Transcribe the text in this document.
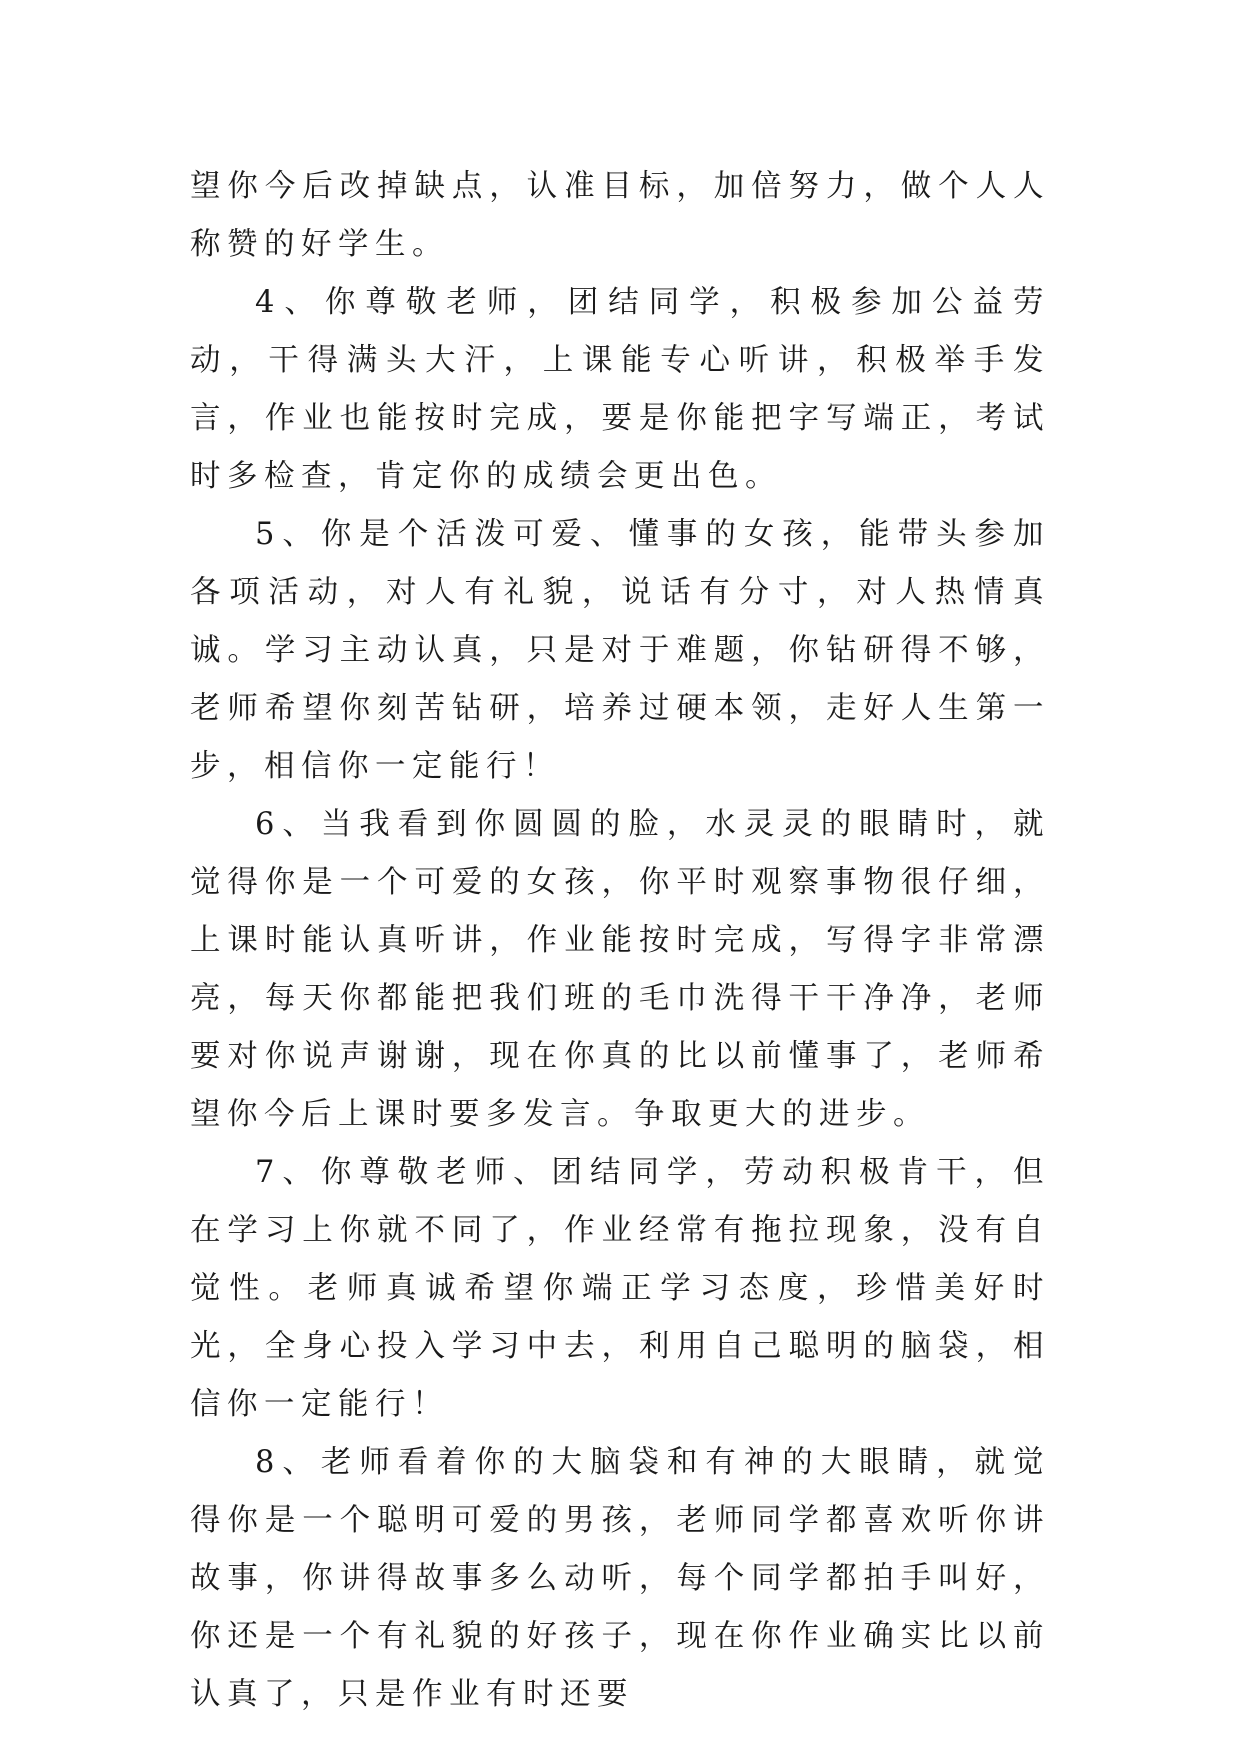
望你今后改掉缺点，认准目标，加倍努力，做个人人称赞的好学生。

4、你尊敬老师，团结同学，积极参加公益劳动，干得满头大汗，上课能专心听讲，积极举手发言，作业也能按时完成，要是你能把字写端正，考试时多检查，肯定你的成绩会更出色。

5、你是个活泼可爱、懂事的女孩，能带头参加各项活动，对人有礼貌，说话有分寸，对人热情真诚。学习主动认真，只是对于难题，你钻研得不够，老师希望你刻苦钻研，培养过硬本领，走好人生第一步，相信你一定能行！

6、当我看到你圆圆的脸，水灵灵的眼睛时，就觉得你是一个可爱的女孩，你平时观察事物很仔细，上课时能认真听讲，作业能按时完成，写得字非常漂亮，每天你都能把我们班的毛巾洗得干干净净，老师要对你说声谢谢，现在你真的比以前懂事了，老师希望你今后上课时要多发言。争取更大的进步。

7、你尊敬老师、团结同学，劳动积极肯干，但在学习上你就不同了，作业经常有拖拉现象，没有自觉性。老师真诚希望你端正学习态度，珍惜美好时光，全身心投入学习中去，利用自己聪明的脑袋，相信你一定能行！

8、老师看着你的大脑袋和有神的大眼睛，就觉得你是一个聪明可爱的男孩，老师同学都喜欢听你讲故事，你讲得故事多么动听，每个同学都拍手叫好，你还是一个有礼貌的好孩子，现在你作业确实比以前认真了，只是作业有时还要
